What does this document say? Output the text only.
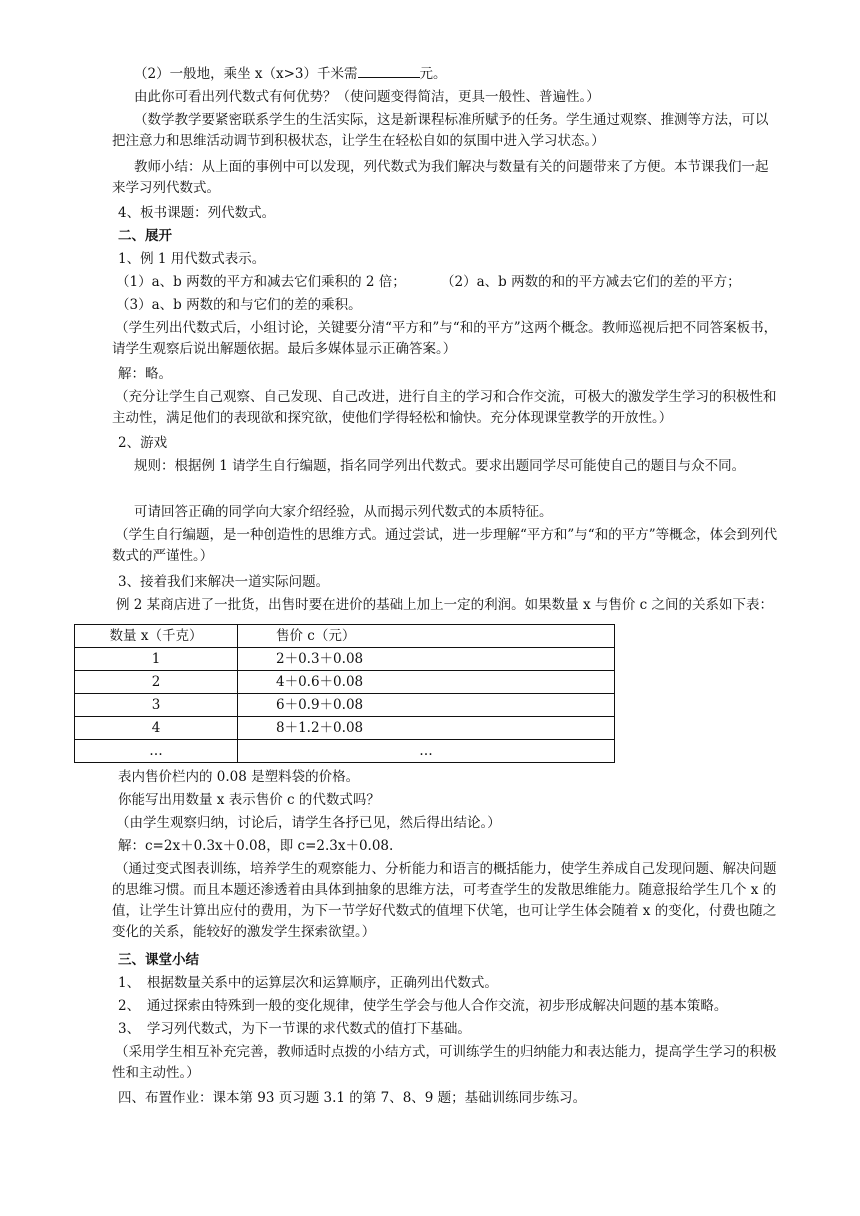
（2）一般地，乘坐 x（x>3）千米需	元。
由此你可看出列代数式有何优势？（使问题变得简洁，更具一般性、普遍性。）
（数学教学要紧密联系学生的生活实际，这是新课程标准所赋予的任务。学生通过观察、推测等方法，可以把注意力和思维活动调节到积极状态，让学生在轻松自如的氛围中进入学习状态。）
教师小结：从上面的事例中可以发现，列代数式为我们解决与数量有关的问题带来了方便。本节课我们一起来学习列代数式。
4、板书课题：列代数式。
二、展开
1、例 1 用代数式表示。
（1）a、b 两数的平方和减去它们乘积的 2 倍；	（2）a、b 两数的和的平方减去它们的差的平方；
（3）a、b 两数的和与它们的差的乘积。
（学生列出代数式后，小组讨论，关键要分清“平方和”与“和的平方”这两个概念。教师巡视后把不同答案板书，请学生观察后说出解题依据。最后多媒体显示正确答案。）
解：略。
（充分让学生自己观察、自己发现、自己改进，进行自主的学习和合作交流，可极大的激发学生学习的积极性和主动性，满足他们的表现欲和探究欲，使他们学得轻松和愉快。充分体现课堂教学的开放性。）
2、游戏
规则：根据例 1 请学生自行编题，指名同学列出代数式。要求出题同学尽可能使自己的题目与众不同。
可请回答正确的同学向大家介绍经验，从而揭示列代数式的本质特征。
（学生自行编题，是一种创造性的思维方式。通过尝试，进一步理解“平方和”与“和的平方”等概念，体会到列代数式的严谨性。）
3、接着我们来解决一道实际问题。
例 2 某商店进了一批货，出售时要在进价的基础上加上一定的利润。如果数量 x 与售价 c 之间的关系如下表：
数量 x（千克）	售价 c（元）
1	2＋0.3＋0.08
2	4＋0.6＋0.08
3	6＋0.9＋0.08
4	8＋1.2＋0.08
…	…
表内售价栏内的 0.08 是塑料袋的价格。
你能写出用数量 x 表示售价 c 的代数式吗？
（由学生观察归纳，讨论后，请学生各抒已见，然后得出结论。）
解：c=2x＋0.3x＋0.08，即 c=2.3x＋0.08.
（通过变式图表训练，培养学生的观察能力、分析能力和语言的概括能力，使学生养成自己发现问题、解决问题的思维习惯。而且本题还渗透着由具体到抽象的思维方法，可考查学生的发散思维能力。随意报给学生几个 x 的值，让学生计算出应付的费用，为下一节学好代数式的值埋下伏笔，也可让学生体会随着 x 的变化，付费也随之变化的关系，能较好的激发学生探索欲望。）
三、课堂小结
1、　根据数量关系中的运算层次和运算顺序，正确列出代数式。
2、　通过探索由特殊到一般的变化规律，使学生学会与他人合作交流，初步形成解决问题的基本策略。
3、　学习列代数式，为下一节课的求代数式的值打下基础。
（采用学生相互补充完善，教师适时点拨的小结方式，可训练学生的归纳能力和表达能力，提高学生学习的积极性和主动性。）
四、布置作业：课本第 93 页习题 3.1 的第 7、8、9 题；基础训练同步练习。
